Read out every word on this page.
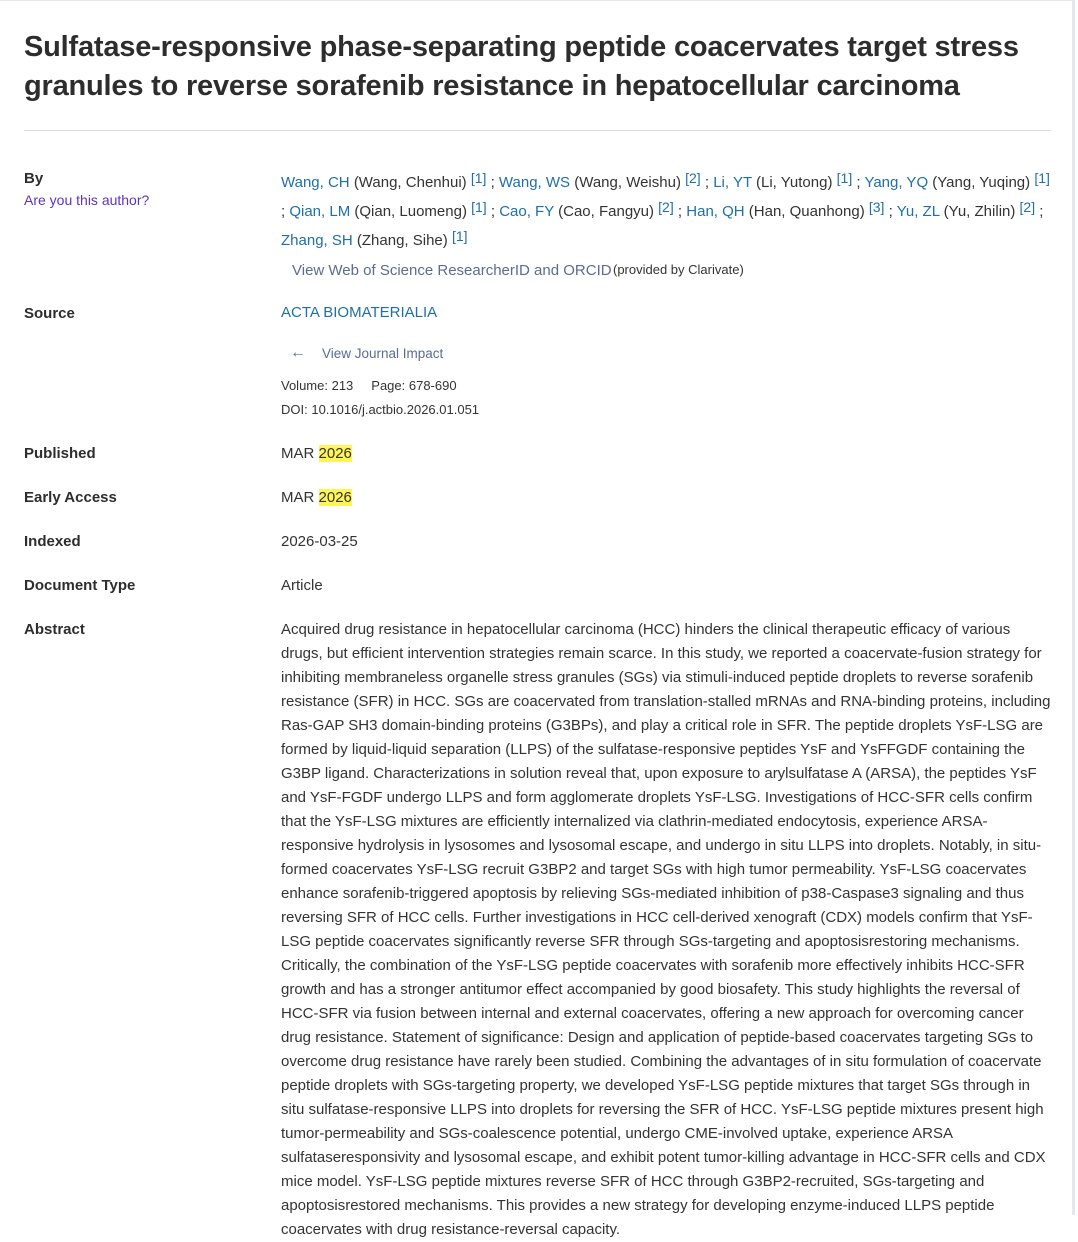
Sulfatase-responsive phase-separating peptide coacervates target stress granules to reverse sorafenib resistance in hepatocellular carcinoma
By
Are you this author?
Wang, CH (Wang, Chenhui) [1] ; Wang, WS (Wang, Weishu) [2] ; Li, YT (Li, Yutong) [1] ; Yang, YQ (Yang, Yuqing) [1] ; Qian, LM (Qian, Luomeng) [1] ; Cao, FY (Cao, Fangyu) [2] ; Han, QH (Han, Quanhong) [3] ; Yu, ZL (Yu, Zhilin) [2] ; Zhang, SH (Zhang, Sihe) [1]
View Web of Science ResearcherID and ORCID (provided by Clarivate)
Source	ACTA BIOMATERIALIA
← View Journal Impact
Volume: 213 Page: 678-690
DOI: 10.1016/j.actbio.2026.01.051
Published	MAR 2026
Early Access	MAR 2026
Indexed	2026-03-25
Document Type	Article
Abstract	Acquired drug resistance in hepatocellular carcinoma (HCC) hinders the clinical therapeutic efficacy of various drugs, but efficient intervention strategies remain scarce. In this study, we reported a coacervate-fusion strategy for inhibiting membraneless organelle stress granules (SGs) via stimuli-induced peptide droplets to reverse sorafenib resistance (SFR) in HCC. SGs are coacervated from translation-stalled mRNAs and RNA-binding proteins, including Ras-GAP SH3 domain-binding proteins (G3BPs), and play a critical role in SFR. The peptide droplets YsF-LSG are formed by liquid-liquid separation (LLPS) of the sulfatase-responsive peptides YsF and YsFFGDF containing the G3BP ligand. Characterizations in solution reveal that, upon exposure to arylsulfatase A (ARSA), the peptides YsF and YsF-FGDF undergo LLPS and form agglomerate droplets YsF-LSG. Investigations of HCC-SFR cells confirm that the YsF-LSG mixtures are efficiently internalized via clathrin-mediated endocytosis, experience ARSA-responsive hydrolysis in lysosomes and lysosomal escape, and undergo in situ LLPS into droplets. Notably, in situ-formed coacervates YsF-LSG recruit G3BP2 and target SGs with high tumor permeability. YsF-LSG coacervates enhance sorafenib-triggered apoptosis by relieving SGs-mediated inhibition of p38-Caspase3 signaling and thus reversing SFR of HCC cells. Further investigations in HCC cell-derived xenograft (CDX) models confirm that YsF-LSG peptide coacervates significantly reverse SFR through SGs-targeting and apoptosisrestoring mechanisms. Critically, the combination of the YsF-LSG peptide coacervates with sorafenib more effectively inhibits HCC-SFR growth and has a stronger antitumor effect accompanied by good biosafety. This study highlights the reversal of HCC-SFR via fusion between internal and external coacervates, offering a new approach for overcoming cancer drug resistance. Statement of significance: Design and application of peptide-based coacervates targeting SGs to overcome drug resistance have rarely been studied. Combining the advantages of in situ formulation of coacervate peptide droplets with SGs-targeting property, we developed YsF-LSG peptide mixtures that target SGs through in situ sulfatase-responsive LLPS into droplets for reversing the SFR of HCC. YsF-LSG peptide mixtures present high tumor-permeability and SGs-coalescence potential, undergo CME-involved uptake, experience ARSA sulfataseresponsivity and lysosomal escape, and exhibit potent tumor-killing advantage in HCC-SFR cells and CDX mice model. YsF-LSG peptide mixtures reverse SFR of HCC through G3BP2-recruited, SGs-targeting and apoptosisrestored mechanisms. This provides a new strategy for developing enzyme-induced LLPS peptide coacervates with drug resistance-reversal capacity.
